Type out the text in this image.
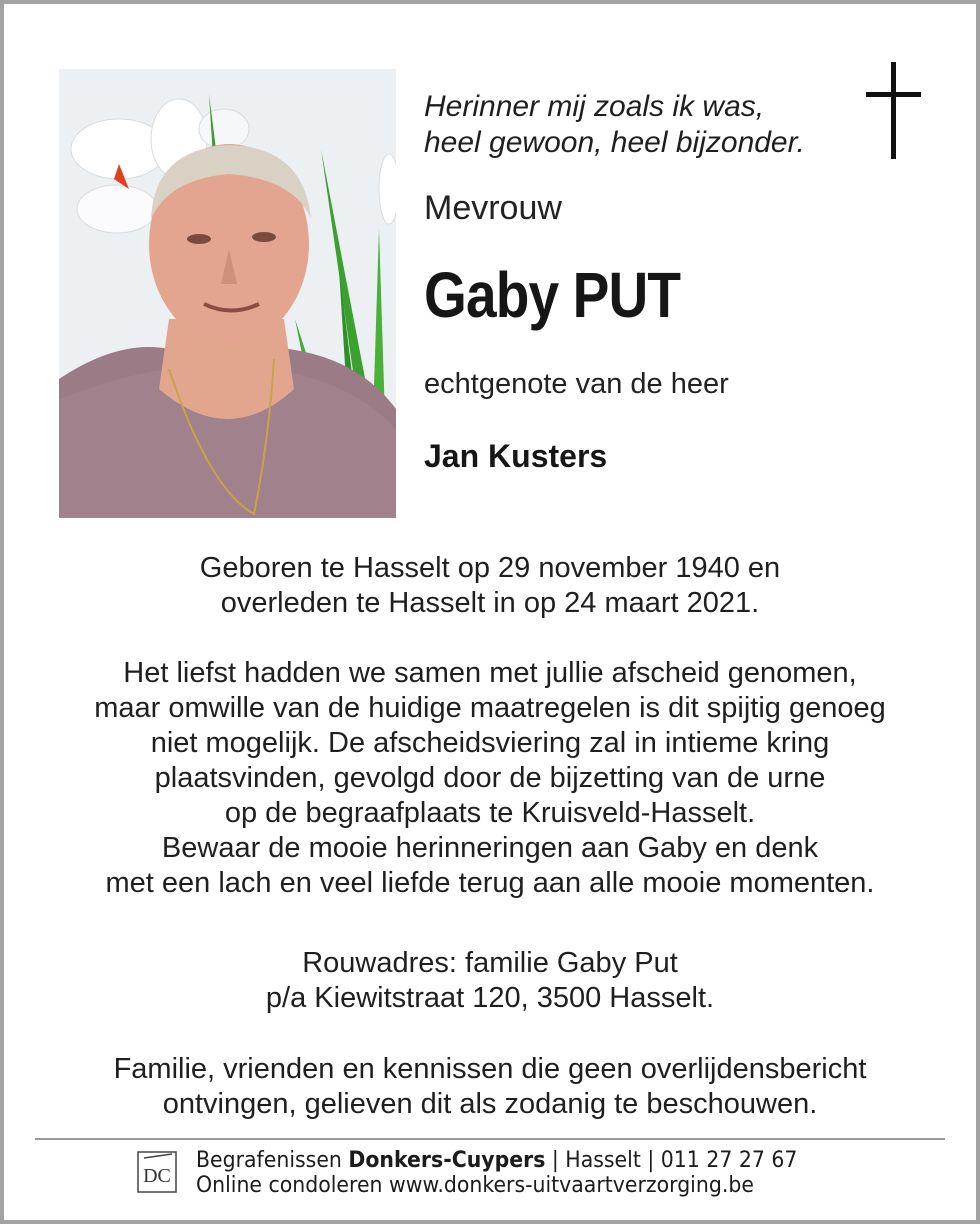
Herinner mij zoals ik was,
heel gewoon, heel bijzonder.
Mevrouw
Gaby PUT
echtgenote van de heer
Jan Kusters
Geboren te Hasselt op 29 november 1940 en
overleden te Hasselt in op 24 maart 2021.
Het liefst hadden we samen met jullie afscheid genomen,
maar omwille van de huidige maatregelen is dit spijtig genoeg
niet mogelijk. De afscheidsviering zal in intieme kring
plaatsvinden, gevolgd door de bijzetting van de urne
op de begraafplaats te Kruisveld-Hasselt.
Bewaar de mooie herinneringen aan Gaby en denk
met een lach en veel liefde terug aan alle mooie momenten.
Rouwadres: familie Gaby Put
p/a Kiewitstraat 120, 3500 Hasselt.
Familie, vrienden en kennissen die geen overlijdensbericht
ontvingen, gelieven dit als zodanig te beschouwen.
DC
Begrafenissen Donkers-Cuypers | Hasselt | 011 27 27 67
Online condoleren www.donkers-uitvaartverzorging.be
